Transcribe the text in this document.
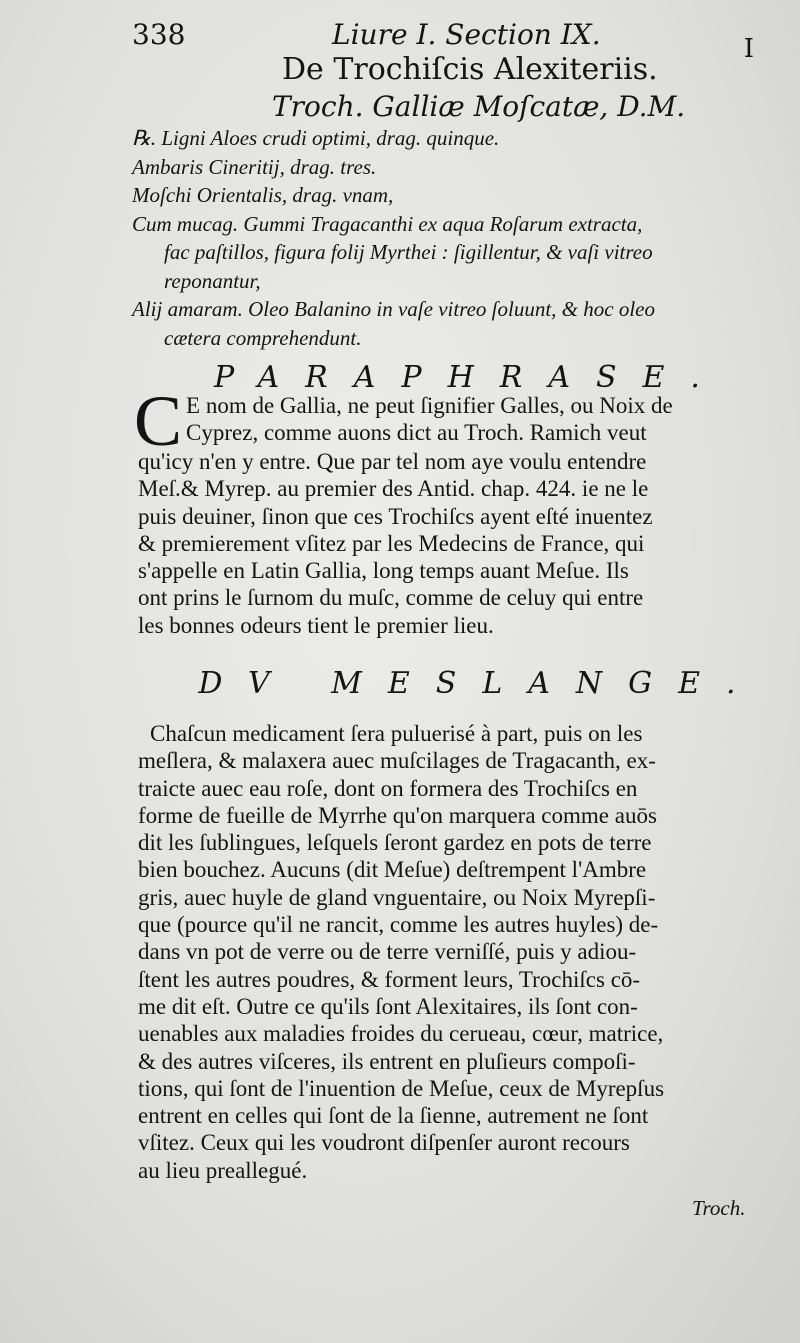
338	Liure I. Section IX.	I
De Trochiſcis Alexiteriis.
Troch. Galliæ Moſcatæ, D.M.
℞. Ligni Aloes crudi optimi, drag. quinque.
Ambaris Cineritij, drag. tres.
Moſchi Orientalis, drag. vnam,
Cum mucag. Gummi Tragacanthi ex aqua Roſarum extracta,
fac paſtillos, figura folij Myrthei : ſigillentur, & vaſi vitreo
reponantur,
Alij amaram. Oleo Balanino in vaſe vitreo ſoluunt, & hoc oleo
cætera comprehendunt.
PARAPHRASE.
C E nom de Gallia, ne peut ſignifier Galles, ou Noix de
Cyprez, comme auons dict au Troch. Ramich veut
qu'icy n'en y entre. Que par tel nom aye voulu entendre
Meſ.& Myrep. au premier des Antid. chap. 424. ie ne le
puis deuiner, ſinon que ces Trochiſcs ayent eſté inuentez
& premierement vſitez par les Medecins de France, qui
s'appelle en Latin Gallia, long temps auant Meſue. Ils
ont prins le ſurnom du muſc, comme de celuy qui entre
les bonnes odeurs tient le premier lieu.
DV MESLANGE.
Chaſcun medicament ſera puluerisé à part, puis on les
meſlera, & malaxera auec muſcilages de Tragacanth, ex-
traicte auec eau roſe, dont on formera des Trochiſcs en
forme de fueille de Myrrhe qu'on marquera comme auōs
dit les ſublingues, leſquels ſeront gardez en pots de terre
bien bouchez. Aucuns (dit Meſue) deſtrempent l'Ambre
gris, auec huyle de gland vnguentaire, ou Noix Myrepſi-
que (pource qu'il ne rancit, comme les autres huyles) de-
dans vn pot de verre ou de terre verniſſé, puis y adiou-
ſtent les autres poudres, & forment leurs, Trochiſcs cō-
me dit eſt. Outre ce qu'ils ſont Alexitaires, ils ſont con-
uenables aux maladies froides du cerueau, cœur, matrice,
& des autres viſceres, ils entrent en pluſieurs compoſi-
tions, qui ſont de l'inuention de Meſue, ceux de Myrepſus
entrent en celles qui ſont de la ſienne, autrement ne ſont
vſitez. Ceux qui les voudront diſpenſer auront recours
au lieu preallegué.
Troch.
